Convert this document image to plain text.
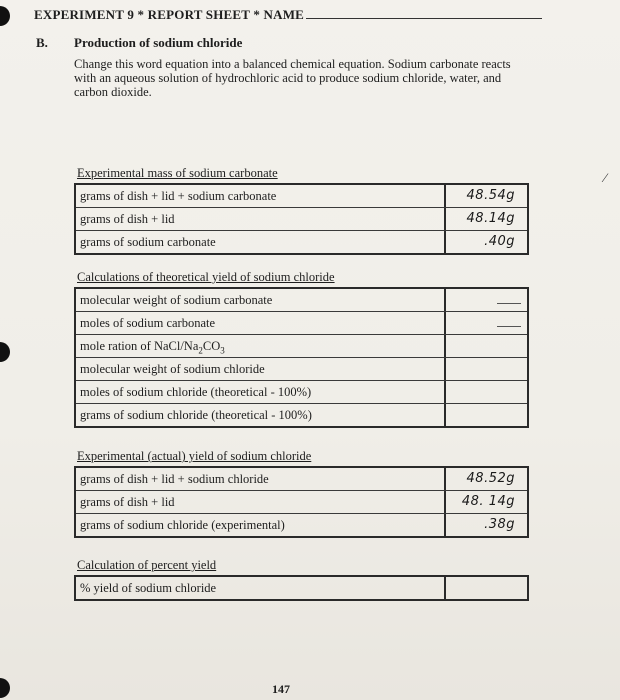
EXPERIMENT 9 * REPORT SHEET * NAME
B. Production of sodium chloride
Change this word equation into a balanced chemical equation. Sodium carbonate reacts with an aqueous solution of hydrochloric acid to produce sodium chloride, water, and carbon dioxide.
Experimental mass of sodium carbonate
grams of dish + lid + sodium carbonate	48.54g
grams of dish + lid	48.14g
grams of sodium carbonate	.40g
Calculations of theoretical yield of sodium chloride
molecular weight of sodium carbonate
moles of sodium carbonate
mole ration of NaCl/$Na_2CO_3$
molecular weight of sodium chloride
moles of sodium chloride (theoretical - 100%)
grams of sodium chloride (theoretical - 100%)
Experimental (actual) yield of sodium chloride
grams of dish + lid + sodium chloride	48.52g
grams of dish + lid	48. 14g
grams of sodium chloride (experimental)	.38g
Calculation of percent yield
% yield of sodium chloride
⁄
147
